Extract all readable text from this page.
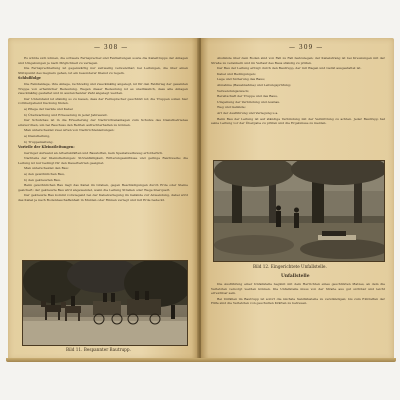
— 308 —

Es würde sich lohnen, die schwere Fernsprecher-und Feldleitungen sowie die Kabeltrupps der Anlagen und Umgebungen je nach Möglichkeit zu verlegen.

Die Fernsprechleitung ist gegenwärtig nur zeitweilig verwendbar; bei Leitungen, die über einen Stützpunkt des Gegners gehen, ist ein besonderer Dienst zu regeln.

Schlußfolge

Die Feindanlage, ihre Anlage, rechtzeitig und zweckmäßig angelegt, ist für den Feldkrieg der gesamten Truppe von erheblicher Bedeutung. Wegen dieser Bedeutung ist es unerlässlich, dass alle Anlagen zweckmäßig gestaltet und in ausreichender Zahl angelegt werden.

Der Unterstand ist ständig so zu bauen, dass der Fernsprecher geschützt ist; die Truppen sollen hier vorübergehend Deckung finden.

a) Pflege der Geräte und Kabel

b) Überwachung und Erneuerung in jeder Jahreszeit.

Der Schutzbau ist in die Erweiterung der Nachrichtenanlagen zum Schutze des Dienstbetriebes einzuordnen, um bei Beschuss den Betrieb aufrechterhalten zu können.

Man unterscheidet zwei Arten von Nachrichtenleitungen:

a) Dienstleitung,

b) Truppenleitung.

Vorteile der Kleinstleitungen:

Geringer Aufwand an Arbeitskräften und Baustoffen, kein Spezialwerkzeug erforderlich.

Nachteile der Kleinstleitungen: Störanfälligkeit, Witterungseinflüsse und geringe Reichweite; die Leitung ist nur bedingt für den Dauerbetrieb geeignet.

Man unterscheidet den Bau:

a) den gewöhnlichen Bau,

b) den gekreuzten Bau.

Beim gewöhnlichen Bau liegt das Kabel im Graben, gegen Beschädigungen durch Erde oder Steine gesichert; der gekreuzte Bau wird angewendet, wenn die Leitung Straßen oder Wege überquert.

Der gekreuzte Bau kommt vorwiegend bei der Kabelverlegung im Gelände zur Anwendung, dabei wird das Kabel je nach Bodenbeschaffenheit in Mulden oder Rinnen verlegt und mit Erde bedeckt.

Bild 11. Bespannter Bautrupp.
— 309 —

Abstände über dem Boden sind von Fall zu Fall festzulegen; der Kabelstrang ist bei Kreuzungen mit der Straße zu verankern und im Verlauf des Baus ständig zu prüfen.

Der Bau der Leitung erfolgt durch den Bautrupp, der mit Wagen und Gerät ausgestattet ist.

Kabel und Bedingungen;

Lage und Sicherung des Baus;

Abnahme (Bauabnahme) und Leitungsprüfung;

Verwendungszweck;

Bereitschaft der Truppe und des Baus,

Umgehung der Verbindung und Ausbau.

Weg und Gelände;

Art der Ausführung und Verlegung u.a.

Beim Bau der Leitung ist auf ständige Verbindung mit der Vermittlung zu achten. Jeder Bautrupp hat seine Leitung vor der Übergabe zu prüfen und die Ergebnisse zu melden.

Bild 12. Eingerichtete Unfallstelle.
Unfallstelle

Die Ausführung einer Unfallstelle beginnt mit dem Herrichten eines geschützten Platzes, an dem die Verletzten versorgt werden können. Die Unfallstelle muss von der Straße aus gut sichtbar und leicht erreichbar sein.

Bei Unfällen im Bautrupp ist sofort die nächste Sanitätsstelle zu verständigen; bis zum Eintreffen der Hilfe sind die Verletzten von geschulten Kräften zu betreuen.
